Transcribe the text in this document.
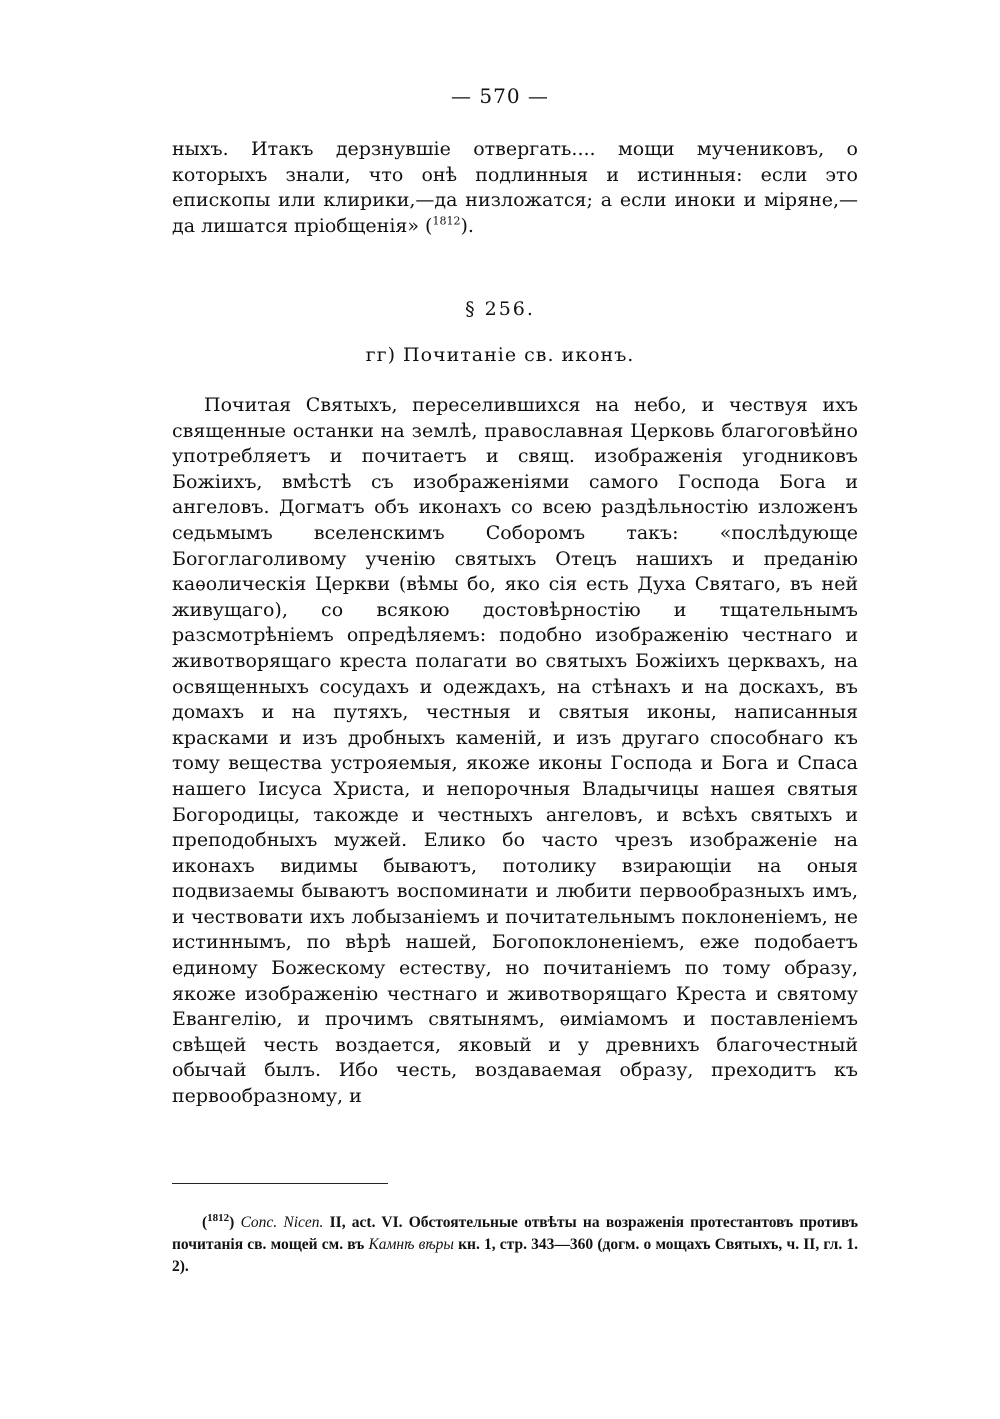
— 570 —

ныхъ. Итакъ дерзнувшіе отвергать.... мощи мучениковъ, о которыхъ знали, что онѣ подлинныя и истинныя: если это епископы или клирики,—да низложатся; а если иноки и міряне,—да лишатся пріобщенія» ($^{1812}$).

§ 256.
гг) Почитаніе св. иконъ.

Почитая Святыхъ, переселившихся на небо, и чествуя ихъ священные останки на землѣ, православная Церковь благоговѣйно употребляетъ и почитаетъ и свящ. изображенія угодниковъ Божіихъ, вмѣстѣ съ изображеніями самого Господа Бога и ангеловъ. Догматъ объ иконахъ со всею раздѣльностію изложенъ седьмымъ вселенскимъ Соборомъ такъ: «послѣдующе Богоглаголивому ученію святыхъ Отецъ нашихъ и преданію каѳолическія Церкви (вѣмы бо, яко сія есть Духа Святаго, въ ней живущаго), со всякою достовѣрностію и тщательнымъ разсмотрѣніемъ опредѣляемъ: подобно изображенію честнаго и животворящаго креста полагати во святыхъ Божіихъ церквахъ, на освященныхъ сосудахъ и одеждахъ, на стѣнахъ и на доскахъ, въ домахъ и на путяхъ, честныя и святыя иконы, написанныя красками и изъ дробныхъ каменій, и изъ другаго способнаго къ тому вещества устрояемыя, якоже иконы Господа и Бога и Спаса нашего Іисуса Христа, и непорочныя Владычицы нашея святыя Богородицы, такожде и честныхъ ангеловъ, и всѣхъ святыхъ и преподобныхъ мужей. Елико бо часто чрезъ изображеніе на иконахъ видимы бываютъ, потолику взирающіи на оныя подвизаемы бываютъ воспоминати и любити первообразныхъ имъ, и чествовати ихъ лобызаніемъ и почитательнымъ поклоненіемъ, не истиннымъ, по вѣрѣ нашей, Богопоклоненіемъ, еже подобаетъ единому Божескому естеству, но почитаніемъ по тому образу, якоже изображенію честнаго и животворящаго Креста и святому Евангелію, и прочимъ святынямъ, ѳиміамомъ и поставленіемъ свѣщей честь воздается, яковый и у древнихъ благочестный обычай былъ. Ибо честь, воздаваемая образу, преходитъ къ первообразному, и

($^{1812}$) Conc. Nicen. II, act. VI. Обстоятельные отвѣты на возраженія протестантовъ противъ почитанія св. мощей см. въ Камнѣ вѣры кн. 1, стр. 343—360 (догм. о мощахъ Святыхъ, ч. II, гл. 1. 2).
